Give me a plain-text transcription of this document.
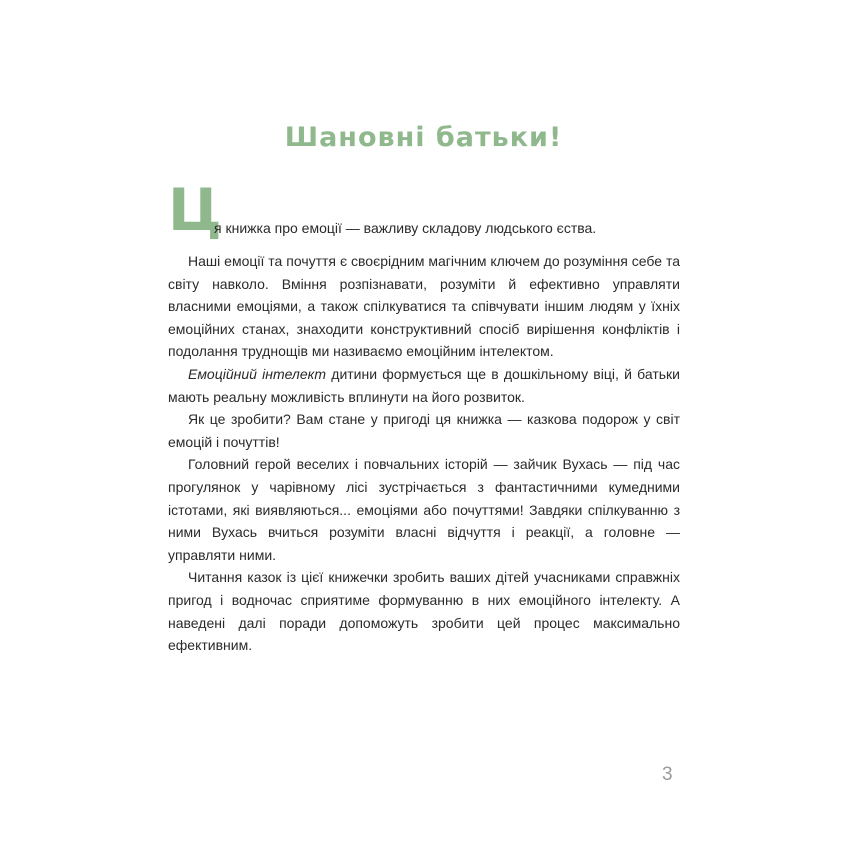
Шановні батьки!
Ц
я книжка про емоції — важливу складову людського єства.

Наші емоції та почуття є своєрідним магічним ключем до розуміння себе та світу навколо. Вміння розпізнавати, розуміти й ефективно управляти власними емоціями, а також спілкуватися та співчувати іншим людям у їхніх емоційних станах, знаходити конструктивний спосіб вирішення конфліктів і подолання труднощів ми називаємо емоційним інтелектом.

Емоційний інтелект дитини формується ще в дошкільному віці, й батьки мають реальну можливість вплинути на його розвиток.

Як це зробити? Вам стане у пригоді ця книжка — казкова подорож у світ емоцій і почуттів!

Головний герой веселих і повчальних історій — зайчик Вухась — під час прогулянок у чарівному лісі зустрічається з фантастичними кумедними істотами, які виявляються... емоціями або почуттями! Завдяки спілкуванню з ними Вухась вчиться розуміти власні відчуття і реакції, а головне — управляти ними.

Читання казок із цієї книжечки зробить ваших дітей учасниками справжніх пригод і водночас сприятиме формуванню в них емоційного інтелекту. А наведені далі поради допоможуть зробити цей процес максимально ефективним.

3
